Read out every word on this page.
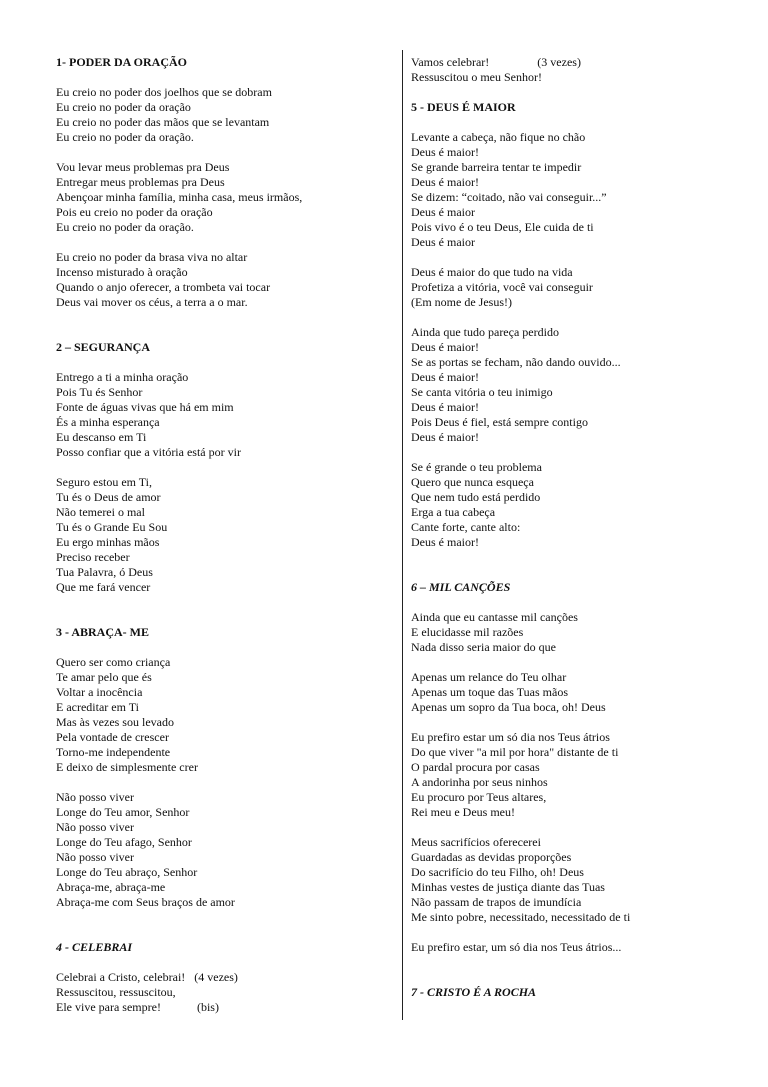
1- PODER DA ORAÇÃO
Eu creio no poder dos joelhos que se dobram
Eu creio no poder da oração
Eu creio no poder das mãos que se levantam
Eu creio no poder da oração.
Vou levar meus problemas pra Deus
Entregar meus problemas pra Deus
Abençoar minha família, minha casa, meus irmãos,
Pois eu creio no poder da oração
Eu creio no poder da oração.
Eu creio no poder da brasa viva no altar
Incenso misturado à oração
Quando o anjo oferecer, a trombeta vai tocar
Deus vai mover os céus, a terra a o mar.
2 – SEGURANÇA
Entrego a ti a minha oração
Pois Tu és Senhor
Fonte de águas vivas que há em mim
És a minha esperança
Eu descanso em Ti
Posso confiar que a vitória está por vir
Seguro estou em Ti,
Tu és o Deus de amor
Não temerei o mal
Tu és o Grande Eu Sou
Eu ergo minhas mãos
Preciso receber
Tua Palavra, ó Deus
Que me fará vencer
3 - ABRAÇA- ME
Quero ser como criança
Te amar pelo que és
Voltar a inocência
E acreditar em Ti
Mas às vezes sou levado
Pela vontade de crescer
Torno-me independente
E deixo de simplesmente crer
Não posso viver
Longe do Teu amor, Senhor
Não posso viver
Longe do Teu afago, Senhor
Não posso viver
Longe do Teu abraço, Senhor
Abraça-me, abraça-me
Abraça-me com Seus braços de amor
4 - CELEBRAI
Celebrai a Cristo, celebrai!   (4 vezes)
Ressuscitou, ressuscitou,
Ele vive para sempre!            (bis)
Vamos celebrar!                (3 vezes)
Ressuscitou o meu Senhor!
5 - DEUS É MAIOR
Levante a cabeça, não fique no chão
Deus é maior!
Se grande barreira tentar te impedir
Deus é maior!
Se dizem: “coitado, não vai conseguir...”
Deus é maior
Pois vivo é o teu Deus, Ele cuida de ti
Deus é maior
Deus é maior do que tudo na vida
Profetiza a vitória, você vai conseguir
(Em nome de Jesus!)
Ainda que tudo pareça perdido
Deus é maior!
Se as portas se fecham, não dando ouvido...
Deus é maior!
Se canta vitória o teu inimigo
Deus é maior!
Pois Deus é fiel, está sempre contigo
Deus é maior!
Se é grande o teu problema
Quero que nunca esqueça
Que nem tudo está perdido
Erga a tua cabeça
Cante forte, cante alto:
Deus é maior!
6 – MIL CANÇÕES
Ainda que eu cantasse mil canções
E elucidasse mil razões
Nada disso seria maior do que
Apenas um relance do Teu olhar
Apenas um toque das Tuas mãos
Apenas um sopro da Tua boca, oh! Deus
Eu prefiro estar um só dia nos Teus átrios
Do que viver "a mil por hora" distante de ti
O pardal procura por casas
A andorinha por seus ninhos
Eu procuro por Teus altares,
Rei meu e Deus meu!
Meus sacrifícios oferecerei
Guardadas as devidas proporções
Do sacrifício do teu Filho, oh! Deus
Minhas vestes de justiça diante das Tuas
Não passam de trapos de imundícia
Me sinto pobre, necessitado, necessitado de ti
Eu prefiro estar, um só dia nos Teus átrios...
7 - CRISTO É A ROCHA
